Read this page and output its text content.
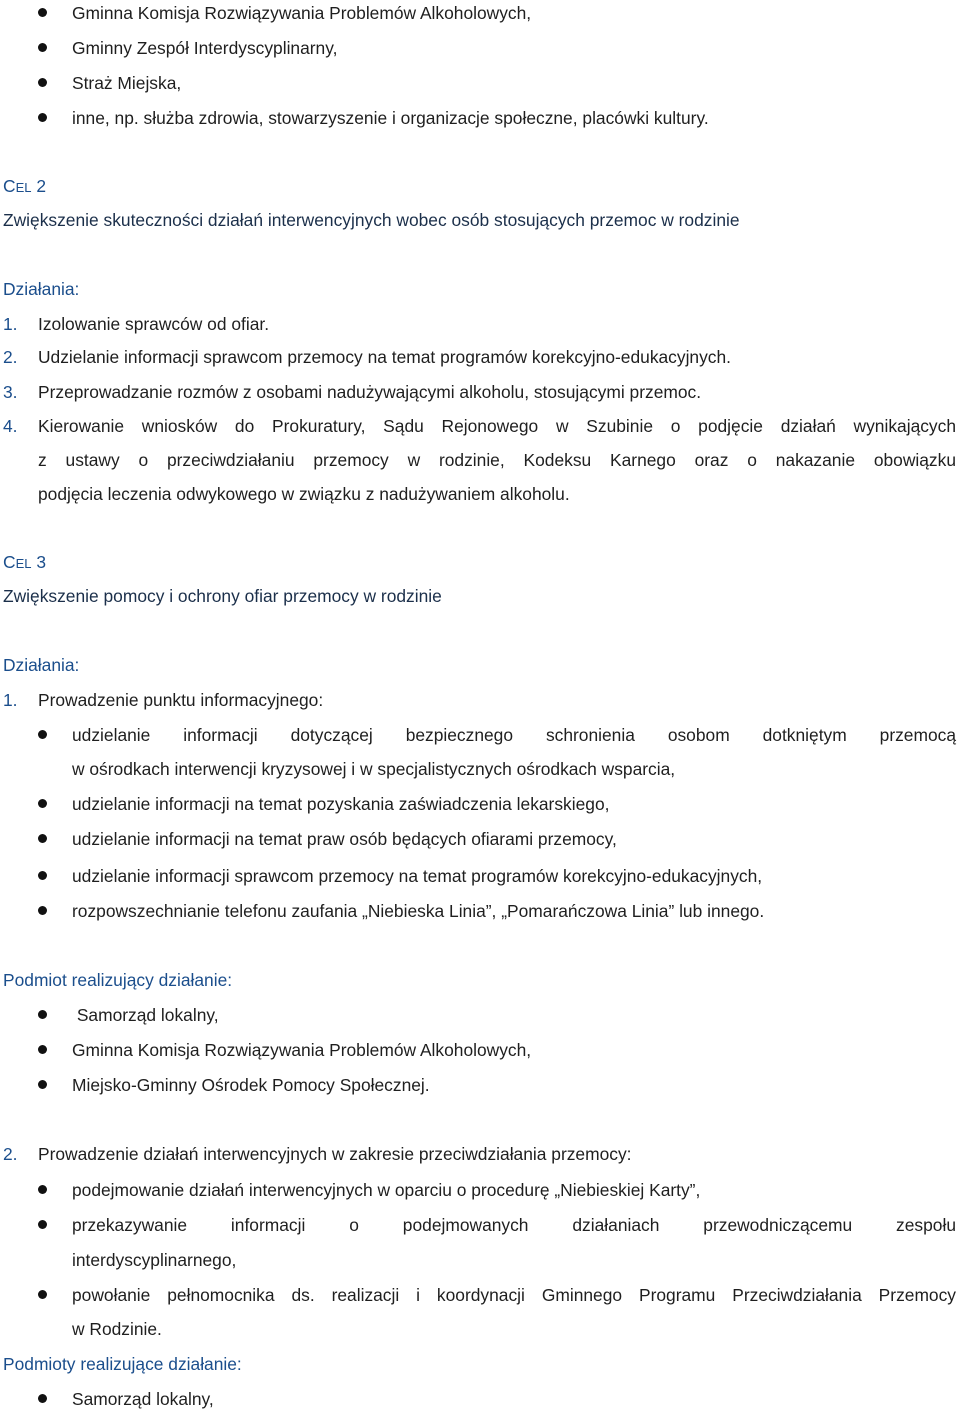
Gminna Komisja Rozwiązywania Problemów Alkoholowych,
Gminny Zespół Interdyscyplinarny,
Straż Miejska,
inne, np. służba zdrowia, stowarzyszenie i organizacje społeczne, placówki kultury.
CEL 2
Zwiększenie skuteczności działań interwencyjnych wobec osób stosujących przemoc w rodzinie
Działania:
1. Izolowanie sprawców od ofiar.
2. Udzielanie informacji sprawcom przemocy na temat programów korekcyjno-edukacyjnych.
3. Przeprowadzanie rozmów z osobami nadużywającymi alkoholu, stosującymi przemoc.
4. Kierowanie wniosków do Prokuratury, Sądu Rejonowego w Szubinie o podjęcie działań wynikających
z ustawy o przeciwdziałaniu przemocy w rodzinie, Kodeksu Karnego oraz o nakazanie obowiązku
podjęcia leczenia odwykowego w związku z nadużywaniem alkoholu.
CEL 3
Zwiększenie pomocy i ochrony ofiar przemocy w rodzinie
Działania:
1. Prowadzenie punktu informacyjnego:
udzielanie informacji dotyczącej bezpiecznego schronienia osobom dotkniętym przemocą
w ośrodkach interwencji kryzysowej i w specjalistycznych ośrodkach wsparcia,
udzielanie informacji na temat pozyskania zaświadczenia lekarskiego,
udzielanie informacji na temat praw osób będących ofiarami przemocy,
udzielanie informacji sprawcom przemocy na temat programów korekcyjno-edukacyjnych,
rozpowszechnianie telefonu zaufania „Niebieska Linia”, „Pomarańczowa Linia” lub innego.
Podmiot realizujący działanie:
Samorząd lokalny,
Gminna Komisja Rozwiązywania Problemów Alkoholowych,
Miejsko-Gminny Ośrodek Pomocy Społecznej.
2. Prowadzenie działań interwencyjnych w zakresie przeciwdziałania przemocy:
podejmowanie działań interwencyjnych w oparciu o procedurę „Niebieskiej Karty”,
przekazywanie informacji o podejmowanych działaniach przewodniczącemu zespołu
interdyscyplinarnego,
powołanie pełnomocnika ds. realizacji i koordynacji Gminnego Programu Przeciwdziałania Przemocy
w Rodzinie.
Podmioty realizujące działanie:
Samorząd lokalny,
